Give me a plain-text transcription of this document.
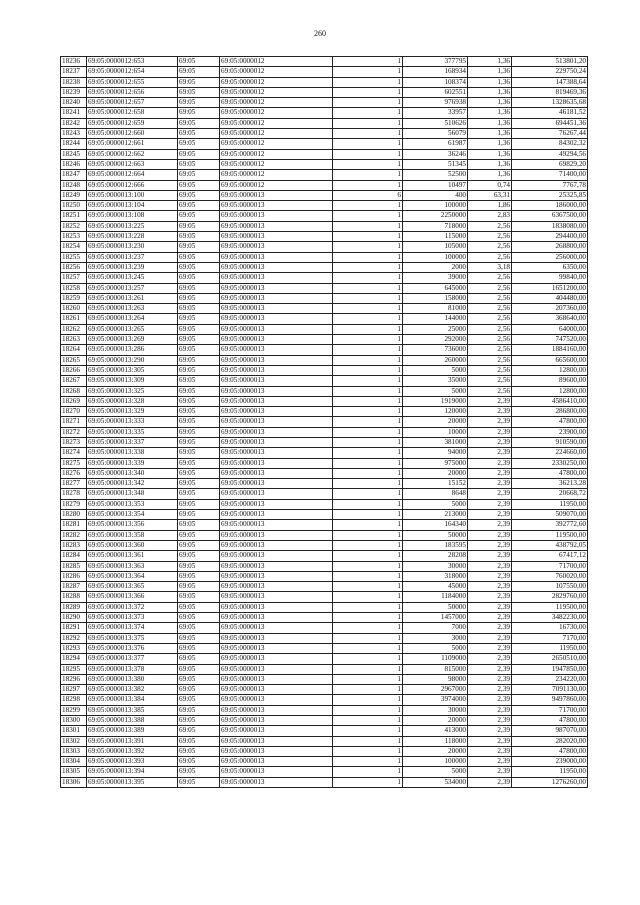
260
18236	69:05:0000012:653	69:05	69:05:0000012	1	377795	1,36	513801,20
18237	69:05:0000012:654	69:05	69:05:0000012	1	168934	1,36	229750,24
18238	69:05:0000012:655	69:05	69:05:0000012	1	108374	1,36	147388,64
18239	69:05:0000012:656	69:05	69:05:0000012	1	602551	1,36	819469,36
18240	69:05:0000012:657	69:05	69:05:0000012	1	976938	1,36	1328635,68
18241	69:05:0000012:658	69:05	69:05:0000012	1	33957	1,36	46181,52
18242	69:05:0000012:659	69:05	69:05:0000012	1	510626	1,36	694451,36
18243	69:05:0000012:660	69:05	69:05:0000012	1	56079	1,36	76267,44
18244	69:05:0000012:661	69:05	69:05:0000012	1	61987	1,36	84302,32
18245	69:05:0000012:662	69:05	69:05:0000012	1	36246	1,36	49294,56
18246	69:05:0000012:663	69:05	69:05:0000012	1	51345	1,36	69829,20
18247	69:05:0000012:664	69:05	69:05:0000012	1	52500	1,36	71400,00
18248	69:05:0000012:666	69:05	69:05:0000012	1	10497	0,74	7767,78
18249	69:05:0000013:100	69:05	69:05:0000013	6	400	63,31	25325,85
18250	69:05:0000013:104	69:05	69:05:0000013	1	100000	1,86	186000,00
18251	69:05:0000013:108	69:05	69:05:0000013	1	2250000	2,83	6367500,00
18252	69:05:0000013:225	69:05	69:05:0000013	1	718000	2,56	1838080,00
18253	69:05:0000013:228	69:05	69:05:0000013	1	115000	2,56	294400,00
18254	69:05:0000013:230	69:05	69:05:0000013	1	105000	2,56	268800,00
18255	69:05:0000013:237	69:05	69:05:0000013	1	100000	2,56	256000,00
18256	69:05:0000013:239	69:05	69:05:0000013	1	2000	3,18	6350,00
18257	69:05:0000013:245	69:05	69:05:0000013	1	39000	2,56	99840,00
18258	69:05:0000013:257	69:05	69:05:0000013	1	645000	2,56	1651200,00
18259	69:05:0000013:261	69:05	69:05:0000013	1	158000	2,56	404480,00
18260	69:05:0000013:263	69:05	69:05:0000013	1	81000	2,56	207360,00
18261	69:05:0000013:264	69:05	69:05:0000013	1	144000	2,56	368640,00
18262	69:05:0000013:265	69:05	69:05:0000013	1	25000	2,56	64000,00
18263	69:05:0000013:269	69:05	69:05:0000013	1	292000	2,56	747520,00
18264	69:05:0000013:286	69:05	69:05:0000013	1	736000	2,56	1884160,00
18265	69:05:0000013:290	69:05	69:05:0000013	1	260000	2,56	665600,00
18266	69:05:0000013:305	69:05	69:05:0000013	1	5000	2,56	12800,00
18267	69:05:0000013:309	69:05	69:05:0000013	1	35000	2,56	89600,00
18268	69:05:0000013:325	69:05	69:05:0000013	1	5000	2,56	12800,00
18269	69:05:0000013:328	69:05	69:05:0000013	1	1919000	2,39	4586410,00
18270	69:05:0000013:329	69:05	69:05:0000013	1	120000	2,39	286800,00
18271	69:05:0000013:333	69:05	69:05:0000013	1	20000	2,39	47800,00
18272	69:05:0000013:335	69:05	69:05:0000013	1	10000	2,39	23900,00
18273	69:05:0000013:337	69:05	69:05:0000013	1	381000	2,39	910590,00
18274	69:05:0000013:338	69:05	69:05:0000013	1	94000	2,39	224660,00
18275	69:05:0000013:339	69:05	69:05:0000013	1	975000	2,39	2330250,00
18276	69:05:0000013:340	69:05	69:05:0000013	1	20000	2,39	47800,00
18277	69:05:0000013:342	69:05	69:05:0000013	1	15152	2,39	36213,28
18278	69:05:0000013:348	69:05	69:05:0000013	1	8648	2,39	20668,72
18279	69:05:0000013:353	69:05	69:05:0000013	1	5000	2,39	11950,00
18280	69:05:0000013:354	69:05	69:05:0000013	1	213000	2,39	509070,00
18281	69:05:0000013:356	69:05	69:05:0000013	1	164340	2,39	392772,60
18282	69:05:0000013:358	69:05	69:05:0000013	1	50000	2,39	119500,00
18283	69:05:0000013:360	69:05	69:05:0000013	1	183595	2,39	438792,05
18284	69:05:0000013:361	69:05	69:05:0000013	1	28208	2,39	67417,12
18285	69:05:0000013:363	69:05	69:05:0000013	1	30000	2,39	71700,00
18286	69:05:0000013:364	69:05	69:05:0000013	1	318000	2,39	760020,00
18287	69:05:0000013:365	69:05	69:05:0000013	1	45000	2,39	107550,00
18288	69:05:0000013:366	69:05	69:05:0000013	1	1184000	2,39	2829760,00
18289	69:05:0000013:372	69:05	69:05:0000013	1	50000	2,39	119500,00
18290	69:05:0000013:373	69:05	69:05:0000013	1	1457000	2,39	3482230,00
18291	69:05:0000013:374	69:05	69:05:0000013	1	7000	2,39	16730,00
18292	69:05:0000013:375	69:05	69:05:0000013	1	3000	2,39	7170,00
18293	69:05:0000013:376	69:05	69:05:0000013	1	5000	2,39	11950,00
18294	69:05:0000013:377	69:05	69:05:0000013	1	1109000	2,39	2650510,00
18295	69:05:0000013:378	69:05	69:05:0000013	1	815000	2,39	1947850,00
18296	69:05:0000013:380	69:05	69:05:0000013	1	98000	2,39	234220,00
18297	69:05:0000013:382	69:05	69:05:0000013	1	2967000	2,39	7091130,00
18298	69:05:0000013:384	69:05	69:05:0000013	1	3974000	2,39	9497860,00
18299	69:05:0000013:385	69:05	69:05:0000013	1	30000	2,39	71700,00
18300	69:05:0000013:388	69:05	69:05:0000013	1	20000	2,39	47800,00
18301	69:05:0000013:389	69:05	69:05:0000013	1	413000	2,39	987070,00
18302	69:05:0000013:391	69:05	69:05:0000013	1	118000	2,39	282020,00
18303	69:05:0000013:392	69:05	69:05:0000013	1	20000	2,39	47800,00
18304	69:05:0000013:393	69:05	69:05:0000013	1	100000	2,39	239000,00
18305	69:05:0000013:394	69:05	69:05:0000013	1	5000	2,39	11950,00
18306	69:05:0000013:395	69:05	69:05:0000013	1	534000	2,39	1276260,00
